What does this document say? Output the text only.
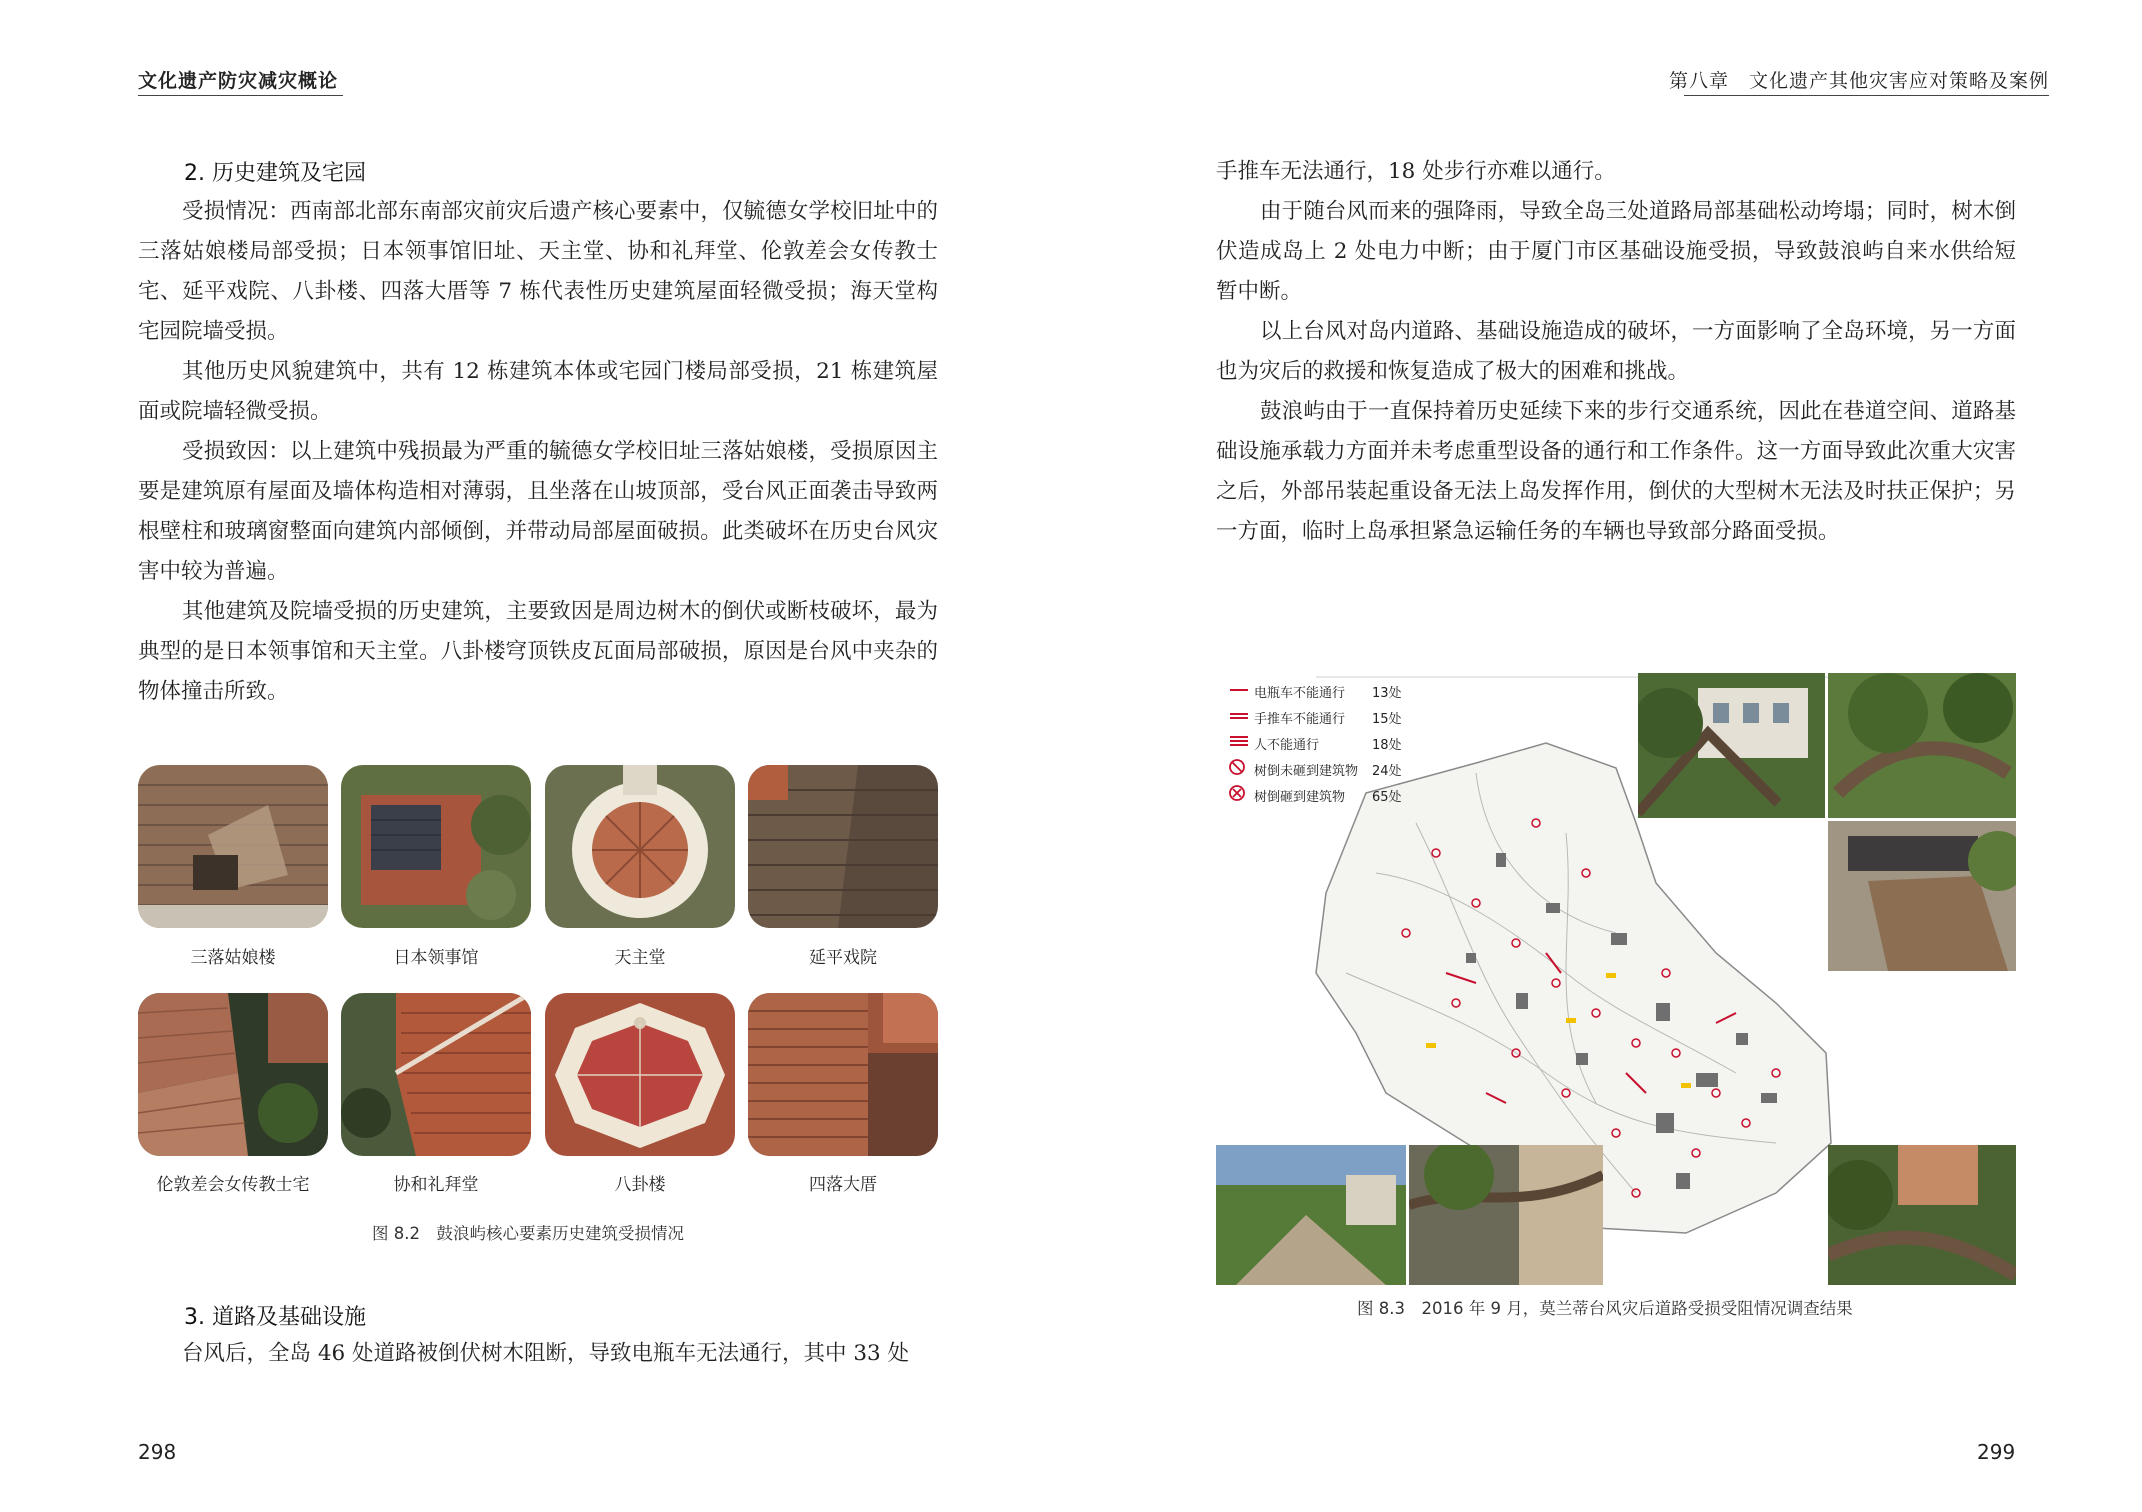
文化遗产防灾减灾概论
2. 历史建筑及宅园
受损情况：西南部北部东南部灾前灾后遗产核心要素中，仅毓德女学校旧址中的三落姑娘楼局部受损；日本领事馆旧址、天主堂、协和礼拜堂、伦敦差会女传教士宅、延平戏院、八卦楼、四落大厝等 7 栋代表性历史建筑屋面轻微受损；海天堂构宅园院墙受损。
其他历史风貌建筑中，共有 12 栋建筑本体或宅园门楼局部受损，21 栋建筑屋面或院墙轻微受损。
受损致因：以上建筑中残损最为严重的毓德女学校旧址三落姑娘楼，受损原因主要是建筑原有屋面及墙体构造相对薄弱，且坐落在山坡顶部，受台风正面袭击导致两根壁柱和玻璃窗整面向建筑内部倾倒，并带动局部屋面破损。此类破坏在历史台风灾害中较为普遍。
其他建筑及院墙受损的历史建筑，主要致因是周边树木的倒伏或断枝破坏，最为典型的是日本领事馆和天主堂。八卦楼穹顶铁皮瓦面局部破损，原因是台风中夹杂的物体撞击所致。
三落姑娘楼	日本领事馆	天主堂	延平戏院
伦敦差会女传教士宅	协和礼拜堂	八卦楼	四落大厝
图 8.2　鼓浪屿核心要素历史建筑受损情况
3. 道路及基础设施
台风后，全岛 46 处道路被倒伏树木阻断，导致电瓶车无法通行，其中 33 处
298
第八章　文化遗产其他灾害应对策略及案例
手推车无法通行，18 处步行亦难以通行。
由于随台风而来的强降雨，导致全岛三处道路局部基础松动垮塌；同时，树木倒伏造成岛上 2 处电力中断；由于厦门市区基础设施受损，导致鼓浪屿自来水供给短暂中断。
以上台风对岛内道路、基础设施造成的破坏，一方面影响了全岛环境，另一方面也为灾后的救援和恢复造成了极大的困难和挑战。
鼓浪屿由于一直保持着历史延续下来的步行交通系统，因此在巷道空间、道路基础设施承载力方面并未考虑重型设备的通行和工作条件。这一方面导致此次重大灾害之后，外部吊装起重设备无法上岛发挥作用，倒伏的大型树木无法及时扶正保护；另一方面，临时上岛承担紧急运输任务的车辆也导致部分路面受损。
电瓶车不能通行	13处
手推车不能通行	15处
人不能通行	18处
树倒未砸到建筑物	24处
树倒砸到建筑物	65处
图 8.3　2016 年 9 月，莫兰蒂台风灾后道路受损受阻情况调查结果
299
